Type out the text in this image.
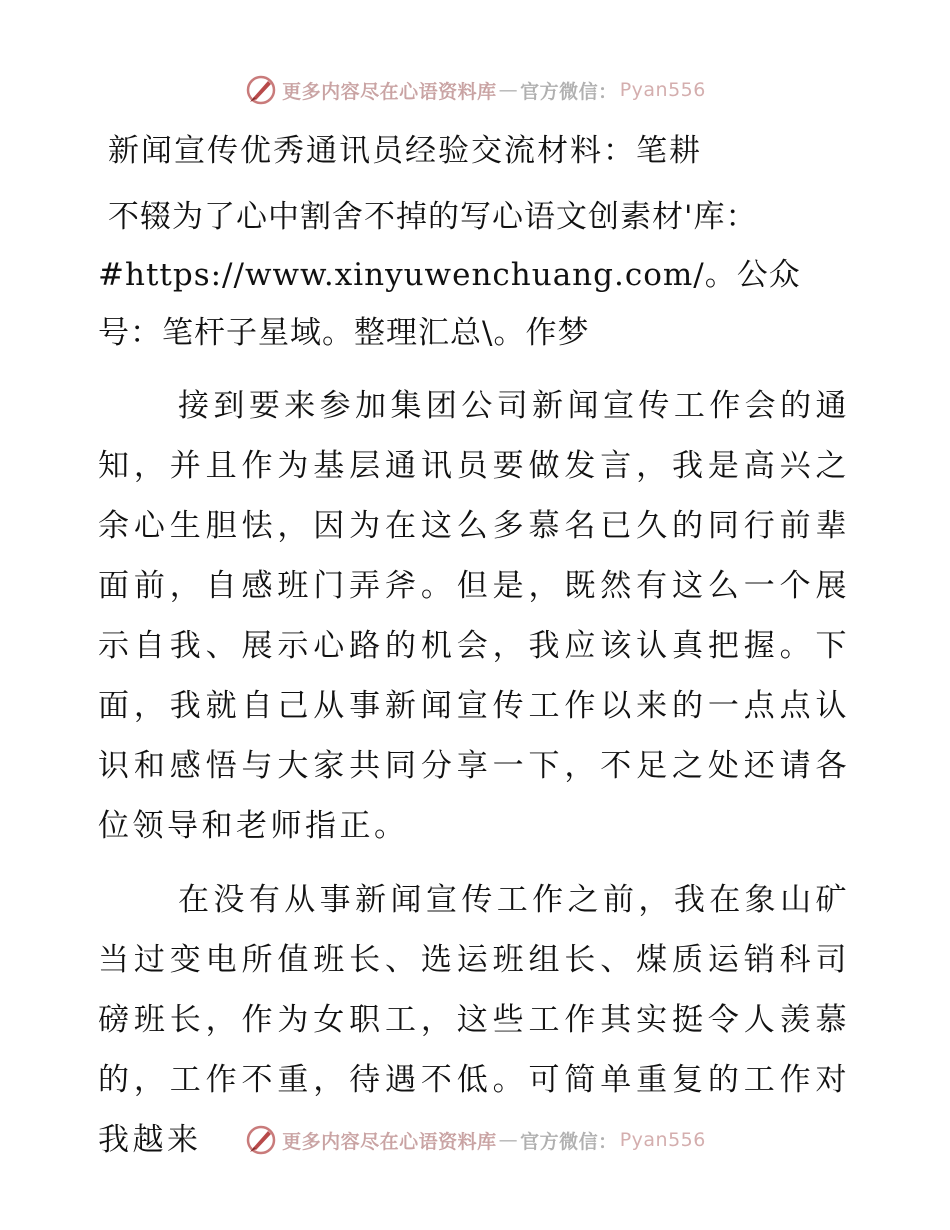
更多内容尽在心语资料库 — 官方微信： Pyan556
新闻宣传优秀通讯员经验交流材料：笔耕
不辍为了心中割舍不掉的写心语文创素材'库：#https://www.xinyuwenchuang.com/。公众号：笔杆子星域。整理汇总\。作梦

接到要来参加集团公司新闻宣传工作会的通知，并且作为基层通讯员要做发言，我是高兴之余心生胆怯，因为在这么多慕名已久的同行前辈面前，自感班门弄斧。但是，既然有这么一个展示自我、展示心路的机会，我应该认真把握。下面，我就自己从事新闻宣传工作以来的一点点认识和感悟与大家共同分享一下，不足之处还请各位领导和老师指正。

在没有从事新闻宣传工作之前，我在象山矿当过变电所值班长、选运班组长、煤质运销科司磅班长，作为女职工，这些工作其实挺令人羡慕的，工作不重，待遇不低。可简单重复的工作对我越来	更多内容尽在心语资料库 — 官方微信： Pyan556
